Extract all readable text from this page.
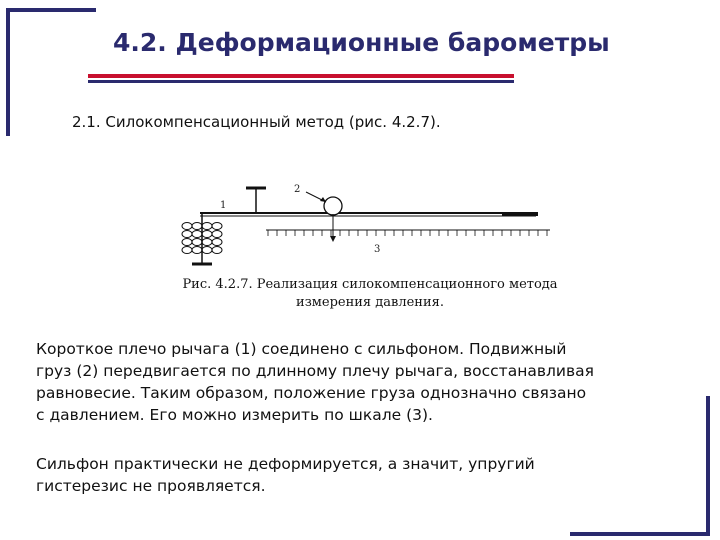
4.2. Деформационные барометры
2.1. Силокомпенсационный метод (рис. 4.2.7).
2
1
3
Рис. 4.2.7. Реализация силокомпенсационного метода
измерения давления.
Короткое плечо рычага (1) соединено с сильфоном. Подвижный
груз (2) передвигается по длинному плечу рычага, восстанавливая
равновесие. Таким образом, положение груза однозначно связано
с давлением. Его можно измерить по шкале (3).
Сильфон практически не деформируется, а значит, упругий
гистерезис не проявляется.
